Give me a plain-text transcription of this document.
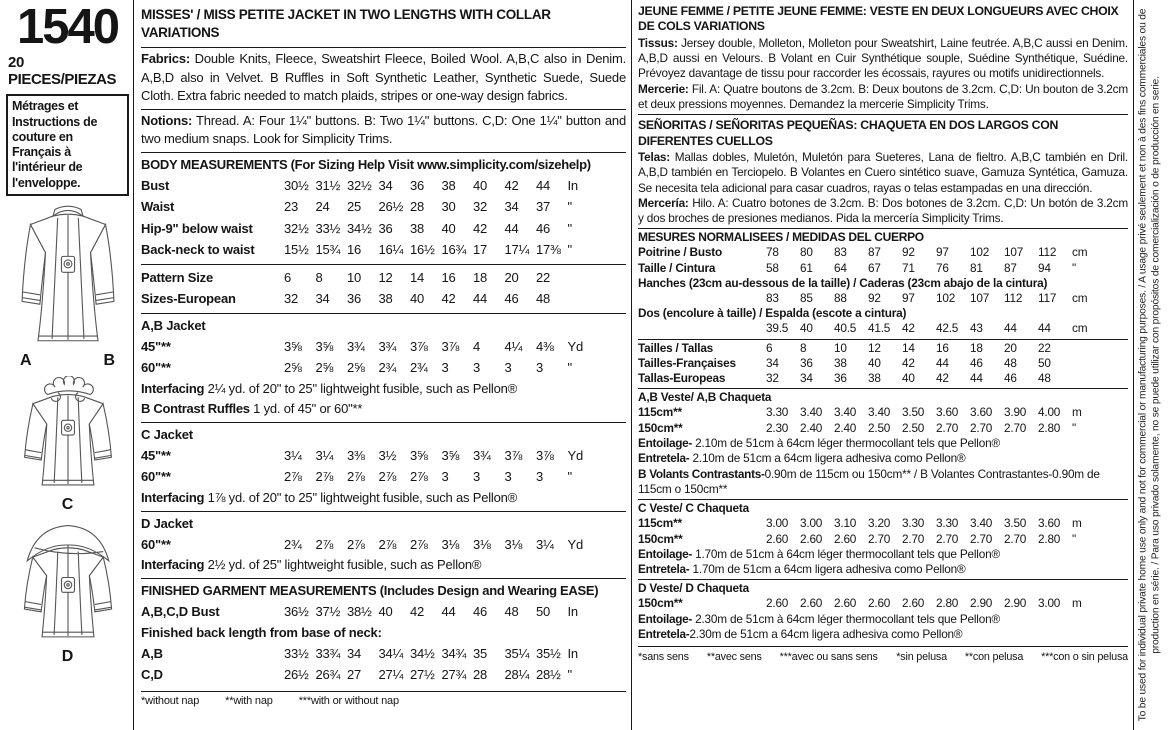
1540
20 PIECES/PIEZAS
Métrages et Instructions de couture en Français à l'intérieur de l'enveloppe.
A	B
C
D
MISSES' / MISS PETITE JACKET IN TWO LENGTHS WITH COLLAR VARIATIONS

Fabrics: Double Knits, Fleece, Sweatshirt Fleece, Boiled Wool. A,B,C also in Denim. A,B,D also in Velvet. B Ruffles in Soft Synthetic Leather, Synthetic Suede, Suede Cloth. Extra fabric needed to match plaids, stripes or one-way design fabrics.

Notions: Thread. A: Four 1¼" buttons. B: Two 1¼" buttons. C,D: One 1¼" button and two medium snaps. Look for Simplicity Trims.

BODY MEASUREMENTS (For Sizing Help Visit www.simplicity.com/sizehelp)
Bust	30½ 31½ 32½ 34	36	38	40	42	44	In
Waist	23	24	25	26½ 28	30	32	34	37	"
Hip-9" below waist	32½ 33½ 34½ 36	38	40	42	44	46	"
Back-neck to waist	15½ 15¾ 16	16¼ 16½ 16¾ 17	17¼ 17⅜ "
Pattern Size	6	8	10	12	14	16	18	20	22
Sizes-European	32	34	36	38	40	42	44	46	48
A,B Jacket
45"**	3⅝	3⅝	3¾	3¾	3⅞	3⅞	4	4¼	4⅜	Yd
60"**	2⅝	2⅝	2⅝	2¾	2¾	3	3	3	3	"
Interfacing 2¼ yd. of 20" to 25" lightweight fusible, such as Pellon®
B Contrast Ruffles 1 yd. of 45" or 60"**
C Jacket
45"**	3¼	3¼	3⅜	3½	3⅝	3⅝	3¾	3⅞	3⅞	Yd
60"**	2⅞	2⅞	2⅞	2⅞	2⅞	3	3	3	3	"
Interfacing 1⅞ yd. of 20" to 25" lightweight fusible, such as Pellon®
D Jacket
60"**	2¾	2⅞	2⅞	2⅞	2⅞	3⅛	3⅛	3⅛	3¼	Yd
Interfacing 2½ yd. of 25" lightweight fusible, such as Pellon®
FINISHED GARMENT MEASUREMENTS (Includes Design and Wearing EASE)
A,B,C,D Bust	36½ 37½ 38½ 40	42	44	46	48	50	In
Finished back length from base of neck:
A,B	33½ 33¾ 34	34¼ 34½ 34¾ 35	35¼ 35½ In
C,D	26½ 26¾ 27	27¼ 27½ 27¾ 28	28¼ 28½ "
*without nap **with nap ***with or without nap
JEUNE FEMME / PETITE JEUNE FEMME: VESTE EN DEUX LONGUEURS AVEC CHOIX DE COLS VARIATIONS

Tissus: Jersey double, Molleton, Molleton pour Sweatshirt, Laine feutrée. A,B,C aussi en Denim. A,B,D aussi en Velours. B Volant en Cuir Synthétique souple, Suédine Synthétique, Suédine. Prévoyez davantage de tissu pour raccorder les écossais, rayures ou motifs unidirectionnels.

Mercerie: Fil. A: Quatre boutons de 3.2cm. B: Deux boutons de 3.2cm. C,D: Un bouton de 3.2cm et deux pressions moyennes. Demandez la mercerie Simplicity Trims.

SEÑORITAS / SEÑORITAS PEQUEÑAS: CHAQUETA EN DOS LARGOS CON DIFERENTES CUELLOS

Telas: Mallas dobles, Muletón, Muletón para Sueteres, Lana de fieltro. A,B,C también en Dril. A,B,D también en Terciopelo. B Volantes en Cuero sintético suave, Gamuza Syntética, Gamuza. Se necesita tela adicional para casar cuadros, rayas o telas estampadas en una dirección.

Mercería: Hilo. A: Cuatro botones de 3.2cm. B: Dos botones de 3.2cm. C,D: Un botón de 3.2cm y dos broches de presiones medianos. Pida la mercería Simplicity Trims.

MESURES NORMALISEES / MEDIDAS DEL CUERPO
Poitrine / Busto	78	80	83	87	92	97	102	107	112	cm
Taille / Cintura	58	61	64	67	71	76	81	87	94	"
Hanches (23cm au-dessous de la taille) / Caderas (23cm abajo de la cintura)
83	85	88	92	97	102	107	112	117	cm
Dos (encolure à taille) / Espalda (escote a cintura)
39.5	40	40.5	41.5	42	42.5	43	44	44	cm
Tailles / Tallas	6	8	10	12	14	16	18	20	22
Tailles-Françaises	34	36	38	40	42	44	46	48	50
Tallas-Europeas	32	34	36	38	40	42	44	46	48
A,B Veste/ A,B Chaqueta
115cm**	3.30	3.40	3.40	3.40	3.50	3.60	3.60	3.90	4.00	m
150cm**	2.30	2.40	2.40	2.50	2.50	2.70	2.70	2.70	2.80	"
Entoilage- 2.10m de 51cm à 64cm léger thermocollant tels que Pellon®
Entretela- 2.10m de 51cm a 64cm ligera adhesiva como Pellon®
B Volants Contrastants-0.90m de 115cm ou 150cm** / B Volantes Contrastantes-0.90m de 115cm o 150cm**
C Veste/ C Chaqueta
115cm**	3.00	3.00	3.10	3.20	3.30	3.30	3.40	3.50	3.60	m
150cm**	2.60	2.60	2.60	2.70	2.70	2.70	2.70	2.70	2.80	"
Entoilage- 1.70m de 51cm à 64cm léger thermocollant tels que Pellon®
Entretela- 1.70m de 51cm a 64cm ligera adhesiva como Pellon®
D Veste/ D Chaqueta
150cm**	2.60	2.60	2.60	2.60	2.60	2.80	2.90	2.90	3.00	m
Entoilage- 2.30m de 51cm à 64cm léger thermocollant tels que Pellon®
Entretela-2.30m de 51cm a 64cm ligera adhesiva como Pellon®
*sans sens **avec sens ***avec ou sans sens *sin pelusa **con pelusa ***con o sin pelusa To be used for individual private home use only and not for commercial or manufacturing purposes. / A usage privé seulement et non à des fins commerciales ou de production en série. / Para uso privado solamente, no se puede utilizar con propósitos de comercialización o de producción en serie.
